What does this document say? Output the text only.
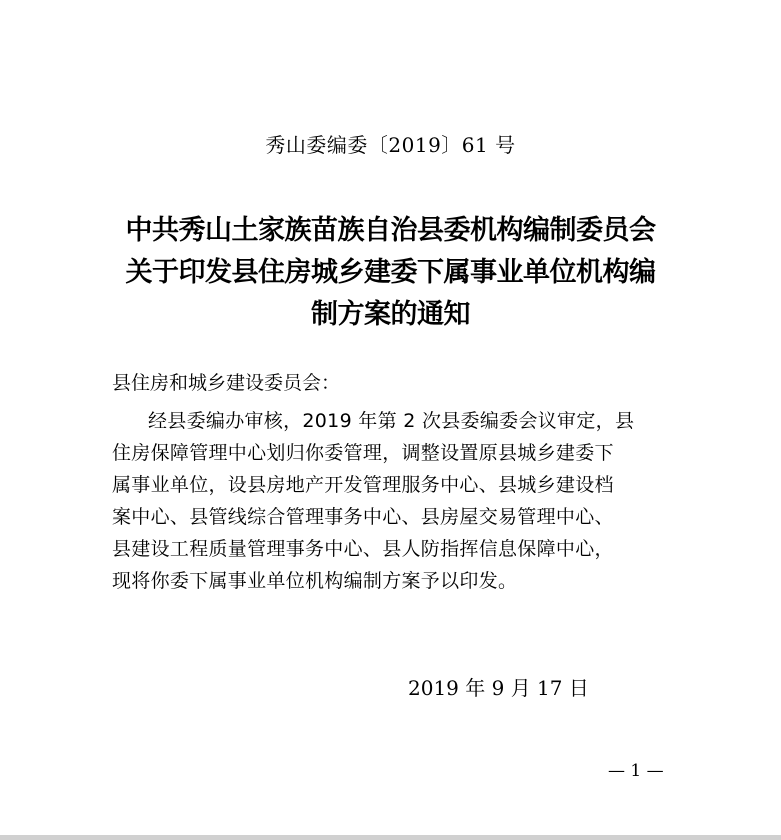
秀山委编委〔2019〕61 号
中共秀山土家族苗族自治县委机构编制委员会
关于印发县住房城乡建委下属事业单位机构编
制方案的通知
县住房和城乡建设委员会：
经县委编办审核，2019 年第 2 次县委编委会议审定，县
住房保障管理中心划归你委管理，调整设置原县城乡建委下
属事业单位，设县房地产开发管理服务中心、县城乡建设档
案中心、县管线综合管理事务中心、县房屋交易管理中心、
县建设工程质量管理事务中心、县人防指挥信息保障中心，
现将你委下属事业单位机构编制方案予以印发。
2019 年 9 月 17 日
— 1 —
